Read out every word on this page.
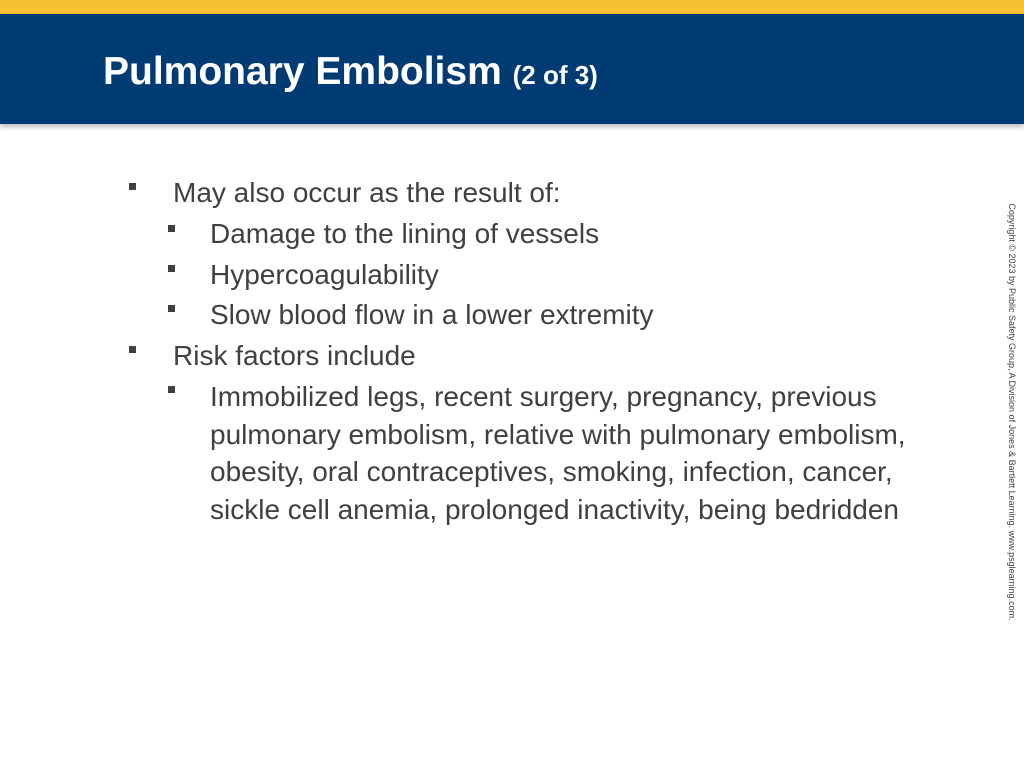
Pulmonary Embolism (2 of 3)
May also occur as the result of:
Damage to the lining of vessels
Hypercoagulability
Slow blood flow in a lower extremity
Risk factors include
Immobilized legs, recent surgery, pregnancy, previous pulmonary embolism, relative with pulmonary embolism, obesity, oral contraceptives, smoking, infection, cancer, sickle cell anemia, prolonged inactivity, being bedridden	Copyright © 2023 by Public Safety Group, A Division of Jones & Bartlett Learning. www.psglearning.com.
